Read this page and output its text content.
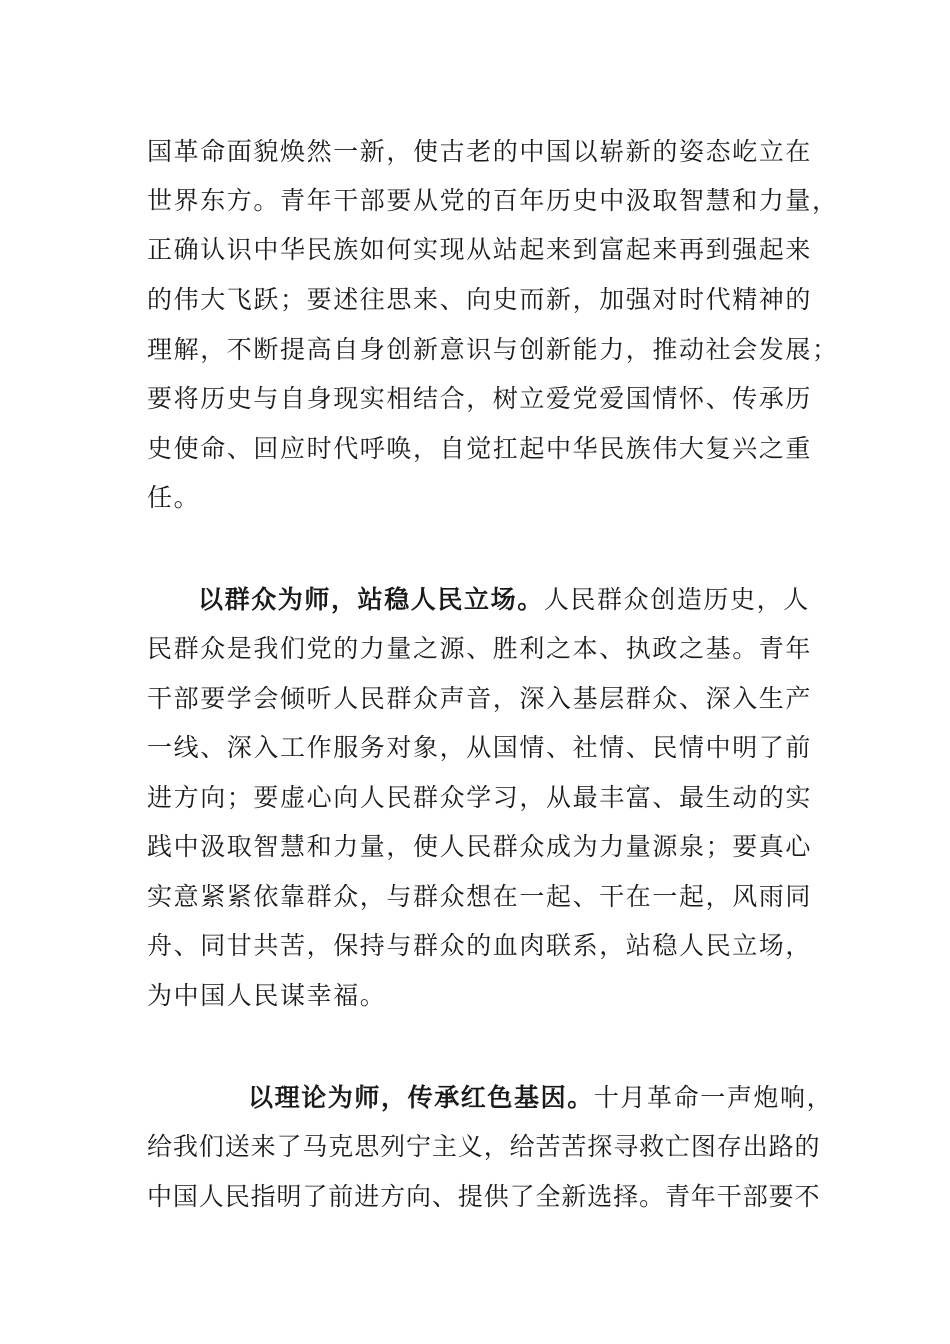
国革命面貌焕然一新，使古老的中国以崭新的姿态屹立在
世界东方。青年干部要从党的百年历史中汲取智慧和力量，
正确认识中华民族如何实现从站起来到富起来再到强起来
的伟大飞跃；要述往思来、向史而新，加强对时代精神的
理解，不断提高自身创新意识与创新能力，推动社会发展；
要将历史与自身现实相结合，树立爱党爱国情怀、传承历
史使命、回应时代呼唤，自觉扛起中华民族伟大复兴之重
任。
以群众为师，站稳人民立场。人民群众创造历史，人
民群众是我们党的力量之源、胜利之本、执政之基。青年
干部要学会倾听人民群众声音，深入基层群众、深入生产
一线、深入工作服务对象，从国情、社情、民情中明了前
进方向；要虚心向人民群众学习，从最丰富、最生动的实
践中汲取智慧和力量，使人民群众成为力量源泉；要真心
实意紧紧依靠群众，与群众想在一起、干在一起，风雨同
舟、同甘共苦，保持与群众的血肉联系，站稳人民立场，
为中国人民谋幸福。
以理论为师，传承红色基因。十月革命一声炮响，
给我们送来了马克思列宁主义，给苦苦探寻救亡图存出路的
中国人民指明了前进方向、提供了全新选择。青年干部要不
